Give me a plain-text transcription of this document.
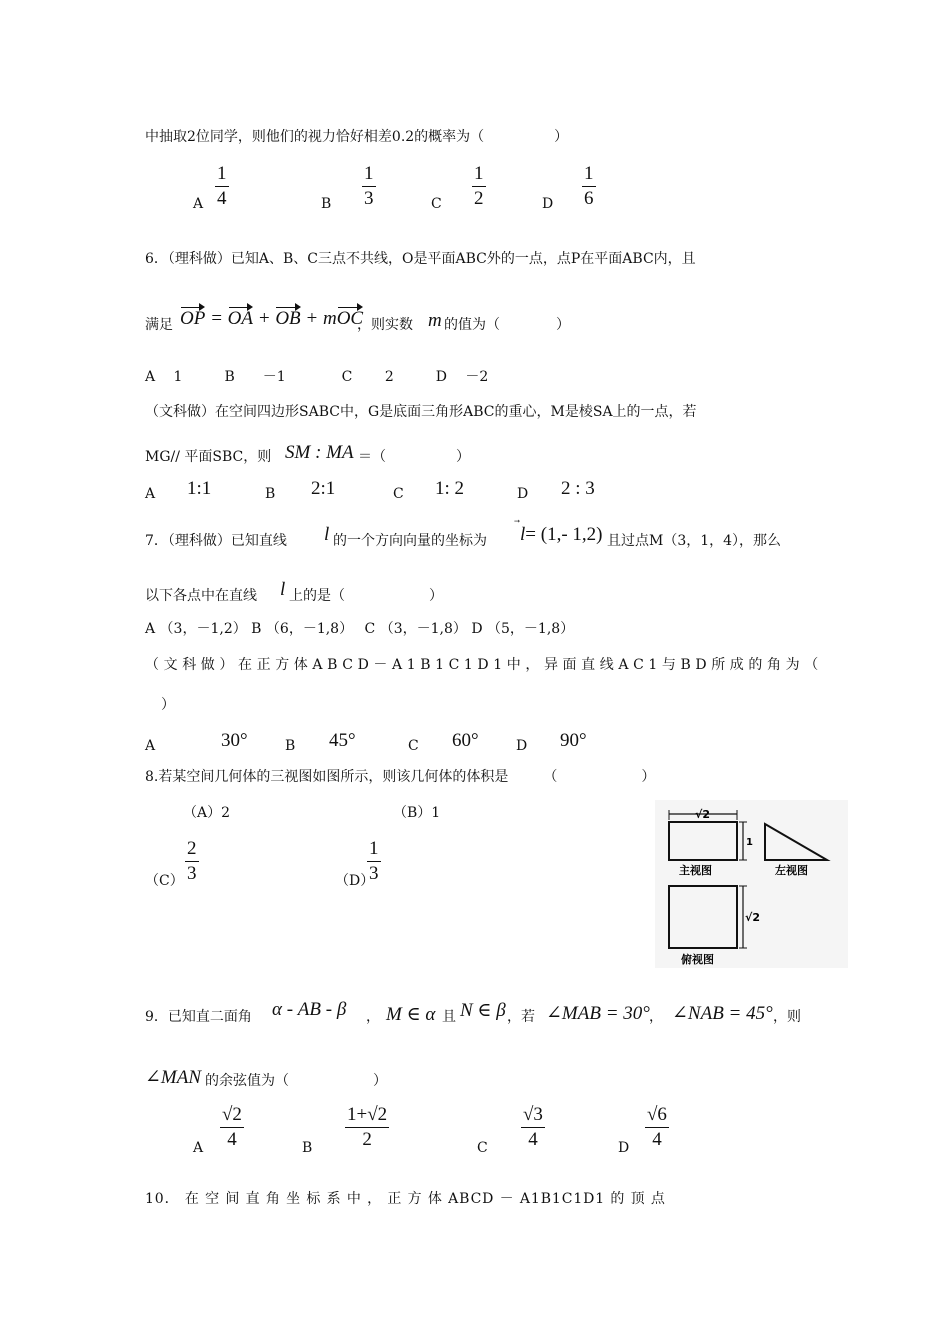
中抽取2位同学，则他们的视力恰好相差0.2的概率为（　　　　　）
A
1
4	B
1
3	C
1
2	D
1
6
6．（理科做）已知A、B、C三点不共线，O是平面ABC外的一点，点P在平面ABC内，且
满足 OP = OA + OB + mOC
，则实数 m 的值为（　　　　）
A　 1　　　B　　－1　　　　C　　 2　　　D　 －2
（文科做）在空间四边形SABC中，G是底面三角形ABC的重心，M是棱SA上的一点，若
MG// 平面SBC，则 SM : MA ＝（　　　　　）
A 1:1	B 2:1	C 1: 2	D 2 : 3
7．（理科做）已知直线 l 的一个方向向量的坐标为 l
= (1,- 1,2) 且过点M（3，1，4），那么
以下各点中在直线 l 上的是（　　　　　　）
A （3，－1,2） B （6，－1,8）　 C （3，－1,8） D （5，－1,8）
（文科做）在正方体ABCD－A1B1C1D1中，异面直线AC1与BD所成的角为（
）
A	30°	B 45°	C 60°	D 90°
8.若某空间几何体的三视图如图所示，则该几何体的体积是　　　（　　　　　　）
（A）2	（B）1
（C）
2
3	（D）
1
3
√2
1
主视图	左视图
√2
俯视图
9．已知直二面角 α - AB - β ， M ∈ α 且 N ∈ β ，若 ∠MAB = 30° ， ∠NAB = 45° ，则
∠MAN 的余弦值为（　　　　　　）
A
√2
4	B
1+√2
2	C
√3
4	D
√6
4
10． 在 空 间 直 角 坐 标 系 中 ， 正 方 体 ABCD － A1B1C1D1 的 顶 点
